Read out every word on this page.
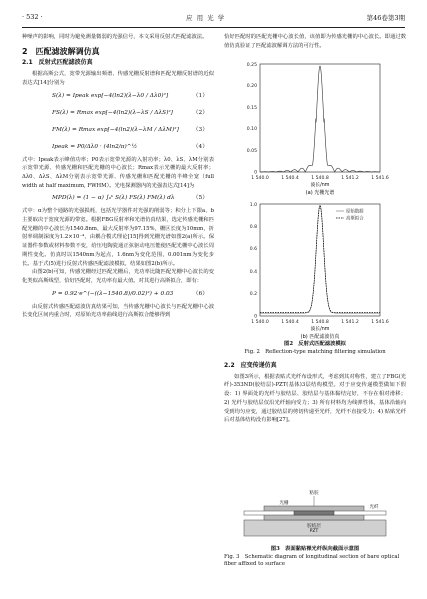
· 532 ·	应 用 光 学	第46卷第3期

种噪声的影响，同时为避免测量微弱的光强信号，本文采用反射式匹配滤波法。

2　匹配滤波解调仿真
2.1　反射式匹配滤波仿真

根据高斯公式，宽带光源输出频谱、传感光栅反射谱和匹配光栅反射谱的近似表达式[14]分别为

S(λ) = Ipeak exp[−4(ln2)(λ−λ0 / Δλ0)²]	（1）
FS(λ) = Rmax exp[−4(ln2)(λ−λS / ΔλS)²]	（2）
FM(λ) = Rmax exp[−4(ln2)(λ−λM / ΔλM)²] （3）
Ipeak = P0/Δλ0 · (4ln2/π)^½	（4）

式中：Ipeak表示峰值功率；P0表示宽带光源的入射功率；λ0、λS、λM分别表示宽带光源、传感光栅和匹配光栅的中心波长；Rmax表示光栅的最大反射率；Δλ0、ΔλS、ΔλM分别表示宽带光源、传感光栅和匹配光栅的半峰全宽（full width at half maximum, FWHM）。光电探测器内的光强表达式[14]为

MPD(λ) = (1 − α) ∫ₐᵇ S(λ) FS(λ) FM(λ) dλ	（5）

式中：α为整个通路的光强损耗，包括光学器件对光强的削弱等；积分上下限a、b主要取决于宽度光源的带宽。根据FBG反射率和光谱仿真结果，选定传感光栅和匹配光栅的中心波长为1540.8nm，最大反射率为97.15%，栅区长度为10mm，折射率调制深度为1.2×10⁻⁴，由耦合模式理论[15]得到光栅光谱如图2(a)所示。保证器件参数或材料参数不变，给压电陶瓷通正弦驱动电压能使匹配光栅中心波长周期性变化。仿真时以1540nm为起点，1.6nm为变化范围，0.001nm为变化步长。基于式(5)进行反射式传感匹配滤波模拟，结果如图2(b)所示。

由图2(b)可知，传感光栅经过匹配光栅后，光功率比随匹配光栅中心波长的变化类似高斯线型，恰好匹配时，光功率有最大值。对其进行高斯拟合，即有：

P = 0.92·e^(−((λ−1540.8)/0.02)²) + 0.03	（6）

由反射式传感匹配滤波仿真结果可知，当传感光栅中心波长与匹配光栅中心波长变化区间内重合时，对原始光功率曲线进行高斯拟合能够得到

恰好匹配时的匹配光栅中心波长值，该值即为传感光栅的中心波长。即通过数值仿真验证了匹配滤波解调方法的可行性。

0
0.05
0.10
0.15
0.20
0.25
1 540.0	1 540.4	1 540.8	1 541.2	1 541.6
波长/nm
(a) 光栅光谱
原始数据
高斯拟合
0
0.2
0.4
0.6
0.8
1.0
1 540.0	1 540.4	1 540.8	1 541.2	1 541.6
波长/nm
(b) 匹配滤波仿真
图2　反射式匹配滤波模拟
Fig. 2　Reflection-type matching filtering simulation
2.2　应变传递仿真

如图3所示，根据表贴式光纤布设形式，考虑到其对称性，建立了FBG(光纤)-353ND(胶结层)-PZT(基体)3层结构模型。对于应变传递模型做如下假设：1) 界面处的光纤与胶结层、胶结层与基体黏结完好，不存在相对滑移；2) 光纤与胶结层仅沿光纤轴向受力；3) 所有材料均为线弹性体，基体沿轴向受到均匀应变，通过胶结层的剪切传递至光纤，光纤不直接受力；4) 贴贴光纤后对基体结构没有影响[27]。

粘胶
光栅
胶结层
光纤
PZT
图3　表面黏贴裸光纤纵向截面示意图
Fig. 3　Schematic diagram of longitudinal section of bare optical fiber affixed to surface
